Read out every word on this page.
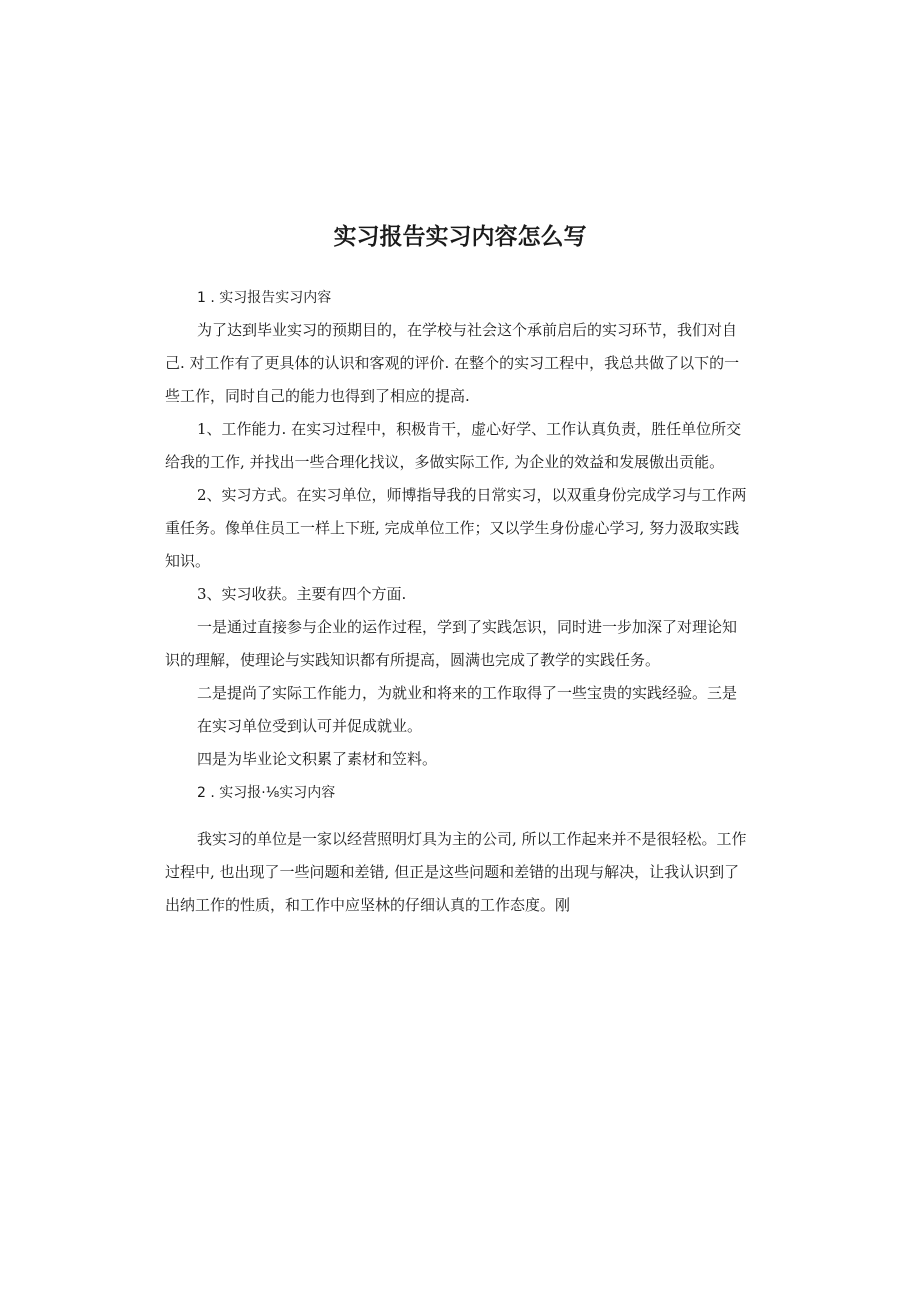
实习报告实习内容怎么写
1 . 实习报告实习内容
为了达到毕业实习的预期目的，在学校与社会这个承前启后的实习环节，我们对自
己. 对工作有了更具体的认识和客观的评价. 在整个的实习工程中，我总共做了以下的一
些工作，同时自己的能力也得到了相应的提高.
1、工作能力. 在实习过程中，积极肯干，虚心好学、工作认真负责，胜任单位所交
给我的工作, 并找出一些合理化找议，多做实际工作, 为企业的效益和发展傲出贡能。
2、实习方式。在实习单位，师博指导我的日常实习，以双重身份完成学习与工作两
重任务。像单住员工一样上下班, 完成单位工作；又以学生身份虚心学习, 努力汲取实践
知识。
3、实习收获。主要有四个方面.
一是通过直接参与企业的运作过程，学到了实践怎识，同时进一步加深了对理论知
识的理解，使理论与实践知识都有所提高，圆满也完成了教学的实践任务。
二是提尚了实际工作能力，为就业和将来的工作取得了一些宝贵的实践经验。三是
在实习单位受到认可并促成就业。
四是为毕业论文积累了素材和笠料。
2 . 实习报·⅛实习内容
我实习的单位是一家以经营照明灯具为主的公司, 所以工作起来并不是很轻松。工作
过程中, 也出现了一些问题和差错, 但正是这些问题和差错的出现与解决，让我认识到了
出纳工作的性质，和工作中应坚林的仔细认真的工作态度。刚
